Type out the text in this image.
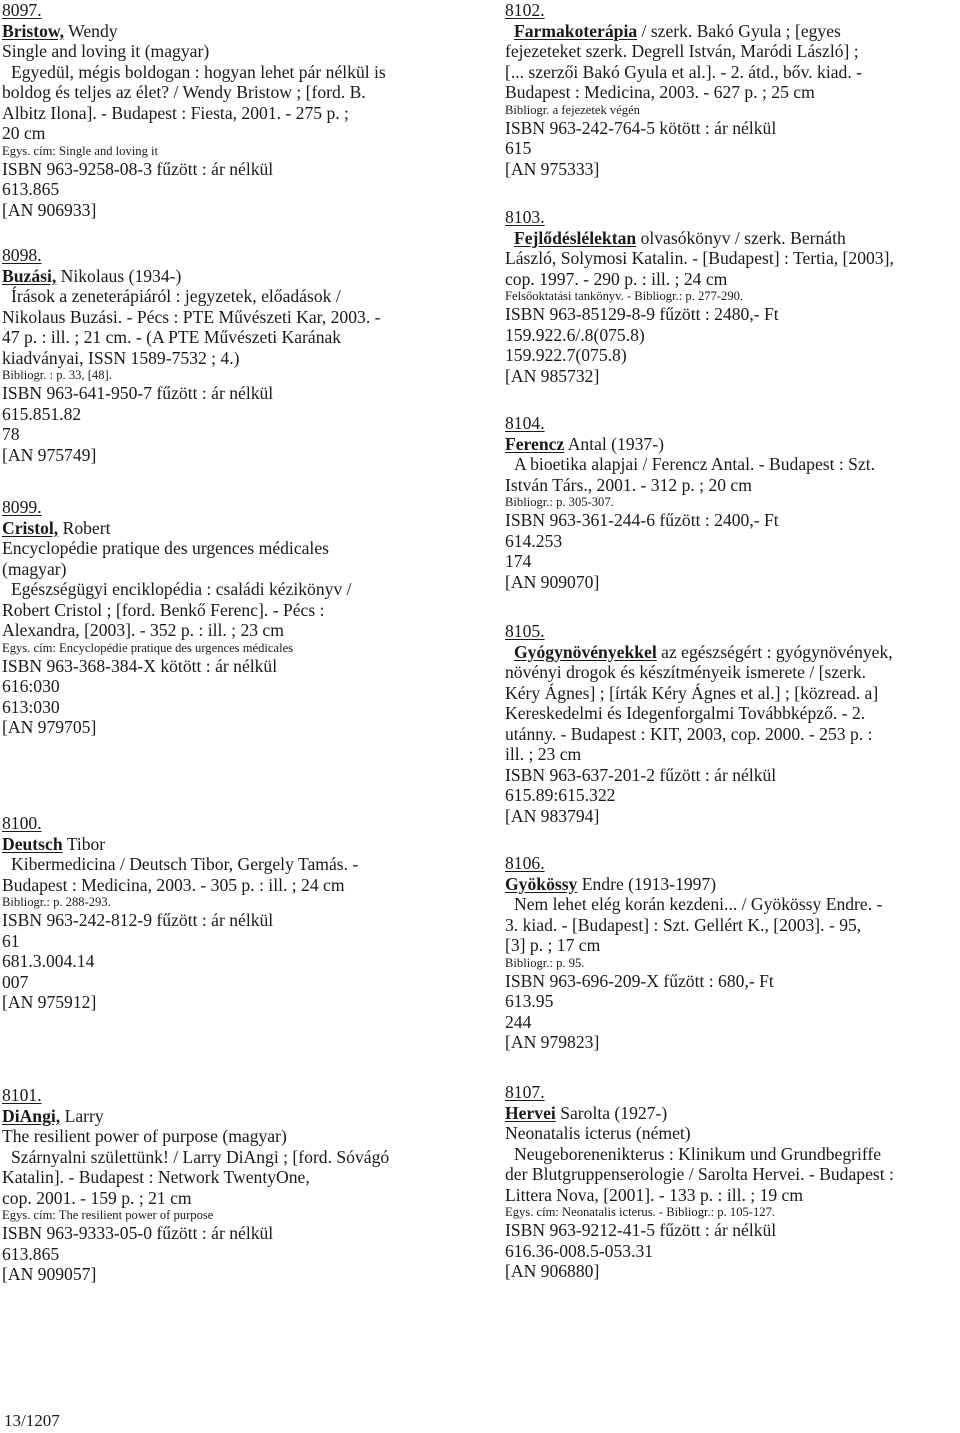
8097.
Bristow, Wendy
Single and loving it (magyar)
Egyedül, mégis boldogan : hogyan lehet pár nélkül is
boldog és teljes az élet? / Wendy Bristow ; [ford. B.
Albitz Ilona]. - Budapest : Fiesta, 2001. - 275 p. ;
20 cm
Egys. cím: Single and loving it
ISBN 963-9258-08-3 fűzött : ár nélkül
613.865
[AN 906933]
8098.
Buzási, Nikolaus (1934-)
Írások a zeneterápiáról : jegyzetek, előadások /
Nikolaus Buzási. - Pécs : PTE Művészeti Kar, 2003. -
47 p. : ill. ; 21 cm. - (A PTE Művészeti Karának
kiadványai, ISSN 1589-7532 ; 4.)
Bibliogr. : p. 33, [48].
ISBN 963-641-950-7 fűzött : ár nélkül
615.851.82
78
[AN 975749]
8099.
Cristol, Robert
Encyclopédie pratique des urgences médicales
(magyar)
Egészségügyi enciklopédia : családi kézikönyv /
Robert Cristol ; [ford. Benkő Ferenc]. - Pécs :
Alexandra, [2003]. - 352 p. : ill. ; 23 cm
Egys. cím: Encyclopédie pratique des urgences médicales
ISBN 963-368-384-X kötött : ár nélkül
616:030
613:030
[AN 979705]
8100.
Deutsch Tibor
Kibermedicina / Deutsch Tibor, Gergely Tamás. -
Budapest : Medicina, 2003. - 305 p. : ill. ; 24 cm
Bibliogr.: p. 288-293.
ISBN 963-242-812-9 fűzött : ár nélkül
61
681.3.004.14
007
[AN 975912]
8101.
DiAngi, Larry
The resilient power of purpose (magyar)
Szárnyalni születtünk! / Larry DiAngi ; [ford. Sóvágó
Katalin]. - Budapest : Network TwentyOne,
cop. 2001. - 159 p. ; 21 cm
Egys. cím: The resilient power of purpose
ISBN 963-9333-05-0 fűzött : ár nélkül
613.865
[AN 909057]
8102.
Farmakoterápia / szerk. Bakó Gyula ; [egyes
fejezeteket szerk. Degrell István, Maródi László] ;
[... szerzői Bakó Gyula et al.]. - 2. átd., bőv. kiad. -
Budapest : Medicina, 2003. - 627 p. ; 25 cm
Bibliogr. a fejezetek végén
ISBN 963-242-764-5 kötött : ár nélkül
615
[AN 975333]
8103.
Fejlődéslélektan olvasókönyv / szerk. Bernáth
László, Solymosi Katalin. - [Budapest] : Tertia, [2003],
cop. 1997. - 290 p. : ill. ; 24 cm
Felsőoktatási tankönyv. - Bibliogr.: p. 277-290.
ISBN 963-85129-8-9 fűzött : 2480,- Ft
159.922.6/.8(075.8)
159.922.7(075.8)
[AN 985732]
8104.
Ferencz Antal (1937-)
A bioetika alapjai / Ferencz Antal. - Budapest : Szt.
István Társ., 2001. - 312 p. ; 20 cm
Bibliogr.: p. 305-307.
ISBN 963-361-244-6 fűzött : 2400,- Ft
614.253
174
[AN 909070]
8105.
Gyógynövényekkel az egészségért : gyógynövények,
növényi drogok és készítményeik ismerete / [szerk.
Kéry Ágnes] ; [írták Kéry Ágnes et al.] ; [közread. a]
Kereskedelmi és Idegenforgalmi Továbbképző. - 2.
utánny. - Budapest : KIT, 2003, cop. 2000. - 253 p. :
ill. ; 23 cm
ISBN 963-637-201-2 fűzött : ár nélkül
615.89:615.322
[AN 983794]
8106.
Gyökössy Endre (1913-1997)
Nem lehet elég korán kezdeni... / Gyökössy Endre. -
3. kiad. - [Budapest] : Szt. Gellért K., [2003]. - 95,
[3] p. ; 17 cm
Bibliogr.: p. 95.
ISBN 963-696-209-X fűzött : 680,- Ft
613.95
244
[AN 979823]
8107.
Hervei Sarolta (1927-)
Neonatalis icterus (német)
Neugeborenenikterus : Klinikum und Grundbegriffe
der Blutgruppenserologie / Sarolta Hervei. - Budapest :
Littera Nova, [2001]. - 133 p. : ill. ; 19 cm
Egys. cím: Neonatalis icterus. - Bibliogr.: p. 105-127.
ISBN 963-9212-41-5 fűzött : ár nélkül
616.36-008.5-053.31
[AN 906880]
13/1207
